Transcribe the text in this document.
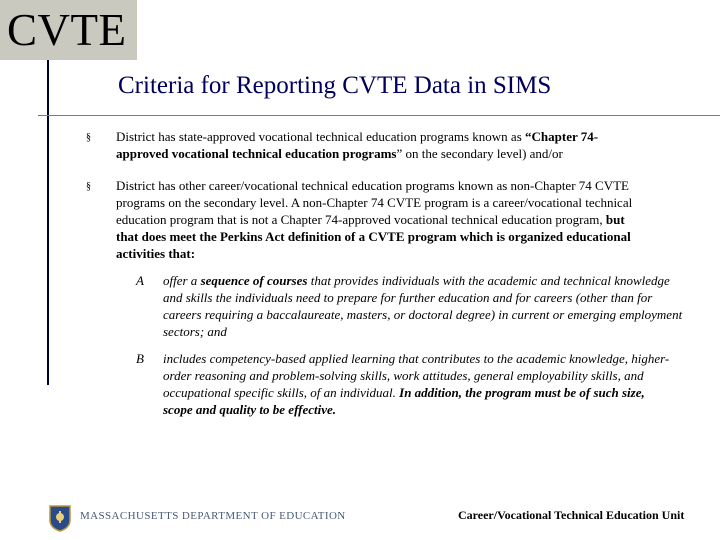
CVTE
Criteria for Reporting CVTE Data in SIMS
§ District has state-approved vocational technical education programs known as “Chapter 74-approved vocational technical education programs” on the secondary level) and/or
§ District has other career/vocational technical education programs known as non-Chapter 74 CVTE programs on the secondary level. A non-Chapter 74 CVTE program is a career/vocational technical education program that is not a Chapter 74-approved vocational technical education program, but that does meet the Perkins Act definition of a CVTE program which is organized educational activities that:
A offer a sequence of courses that provides individuals with the academic and technical knowledge and skills the individuals need to prepare for further education and for careers (other than for careers requiring a baccalaureate, masters, or doctoral degree) in current or emerging employment sectors; and
B includes competency-based applied learning that contributes to the academic knowledge, higher-order reasoning and problem-solving skills, work attitudes, general employability skills, and occupational specific skills, of an individual. In addition, the program must be of such size, scope and quality to be effective.
MASSACHUSETTS DEPARTMENT OF EDUCATION	Career/Vocational Technical Education Unit
